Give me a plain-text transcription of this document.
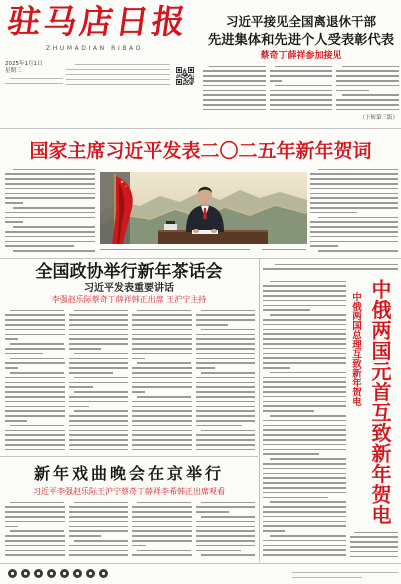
驻马店日报
ZHUMADIAN RIBAO
2025年1月1日
星期三
习近平接见全国离退休干部
先进集体和先进个人受表彰代表
蔡奇丁薛祥参加接见
（下转第三版）
国家主席习近平发表二〇二五年新年贺词
全国政协举行新年茶话会
习近平发表重要讲话
李强赵乐际蔡奇丁薛祥韩正出席 王沪宁主持
新年戏曲晚会在京举行
习近平李强赵乐际王沪宁蔡奇丁薛祥李希韩正出席观看
中俄两国总理互致新年贺电 中俄两国元首互致新年贺电
